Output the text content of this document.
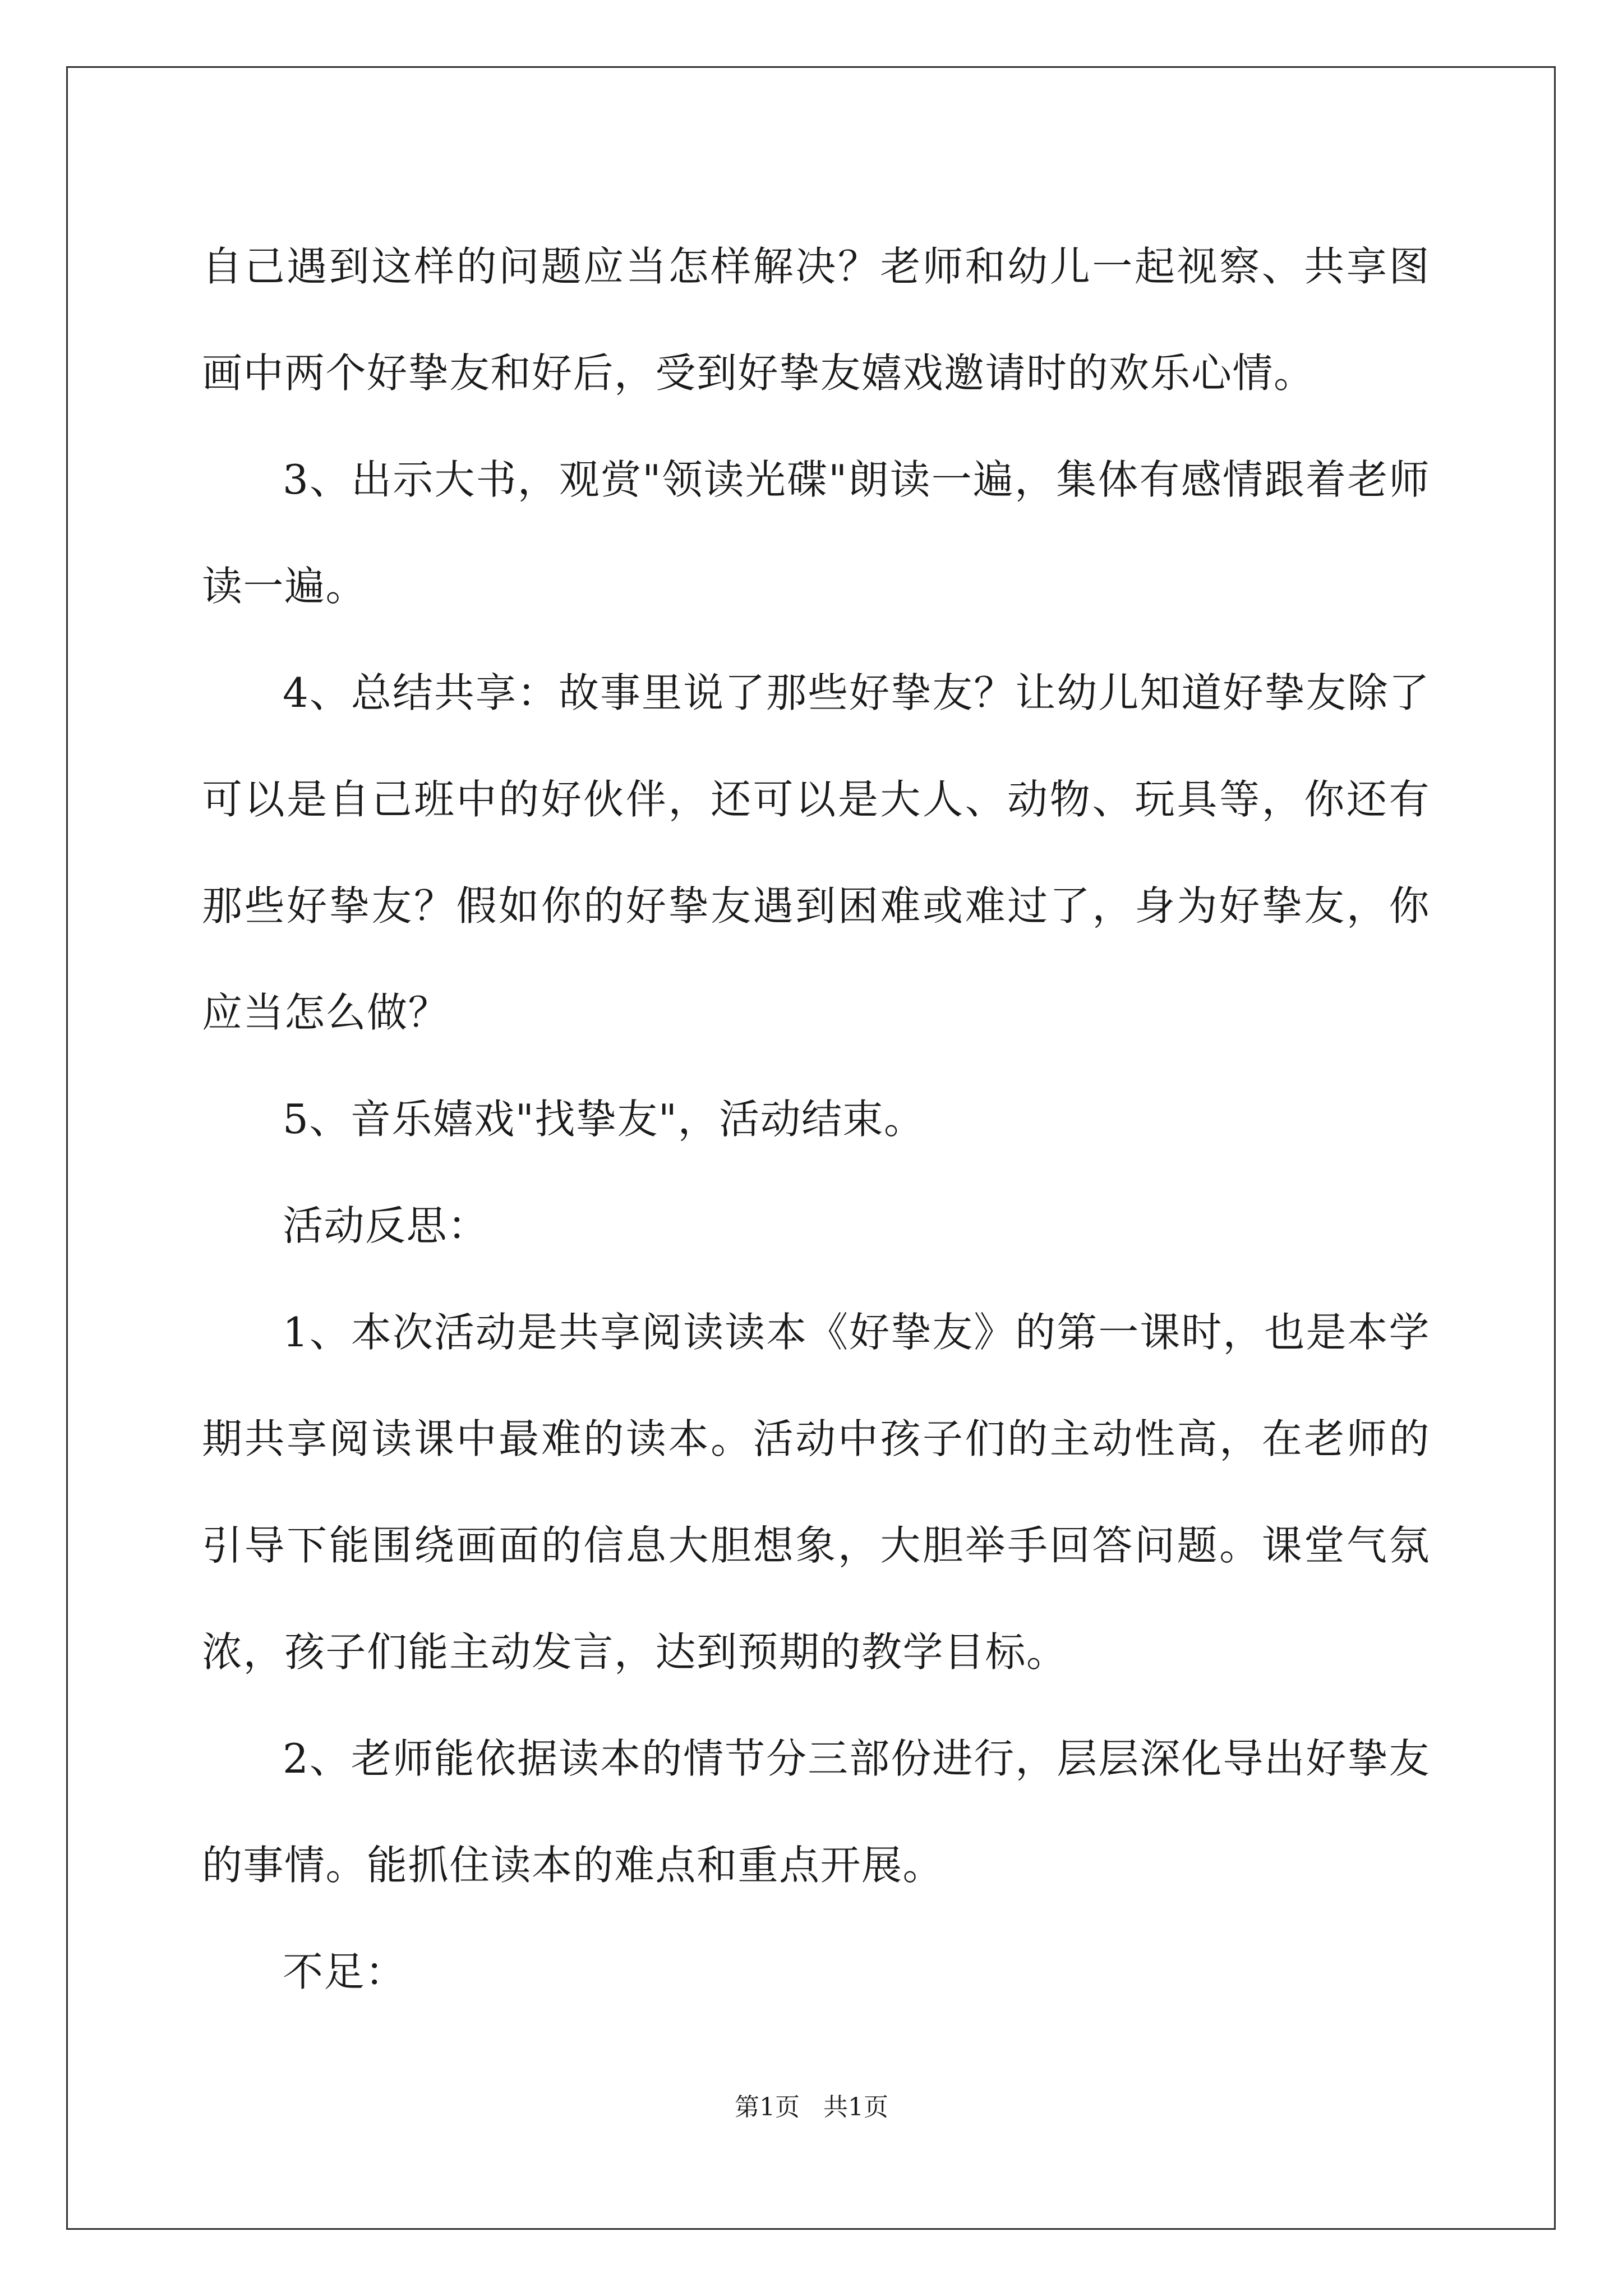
自己遇到这样的问题应当怎样解决？老师和幼儿一起视察、共享图画中两个好挚友和好后，受到好挚友嬉戏邀请时的欢乐心情。

3、出示大书，观赏"领读光碟"朗读一遍，集体有感情跟着老师读一遍。

4、总结共享：故事里说了那些好挚友？让幼儿知道好挚友除了可以是自己班中的好伙伴，还可以是大人、动物、玩具等，你还有那些好挚友？假如你的好挚友遇到困难或难过了，身为好挚友，你应当怎么做？

5、音乐嬉戏"找挚友"，活动结束。

活动反思：

1、本次活动是共享阅读读本《好挚友》的第一课时，也是本学期共享阅读课中最难的读本。活动中孩子们的主动性高，在老师的引导下能围绕画面的信息大胆想象，大胆举手回答问题。课堂气氛浓，孩子们能主动发言，达到预期的教学目标。

2、老师能依据读本的情节分三部份进行，层层深化导出好挚友的事情。能抓住读本的难点和重点开展。

不足：

第1页   共1页
